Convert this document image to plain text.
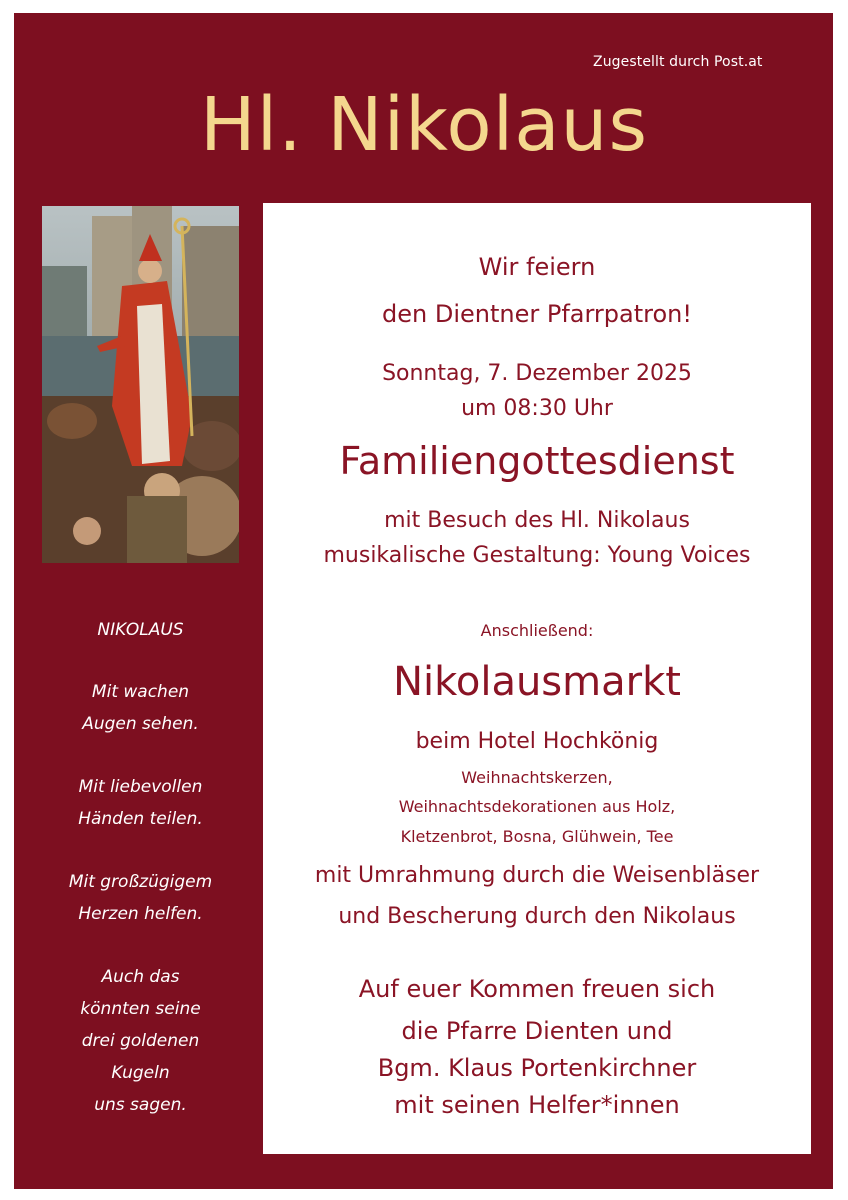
Zugestellt durch Post.at
Hl. Nikolaus
NIKOLAUS
Mit wachen
Augen sehen.
Mit liebevollen
Händen teilen.
Mit großzügigem
Herzen helfen.
Auch das
könnten seine
drei goldenen
Kugeln
uns sagen.
Wir feiern
den Dientner Pfarrpatron!
Sonntag, 7. Dezember 2025
um 08:30 Uhr
Familiengottesdienst
mit Besuch des Hl. Nikolaus
musikalische Gestaltung: Young Voices
Anschließend:
Nikolausmarkt
beim Hotel Hochkönig
Weihnachtskerzen,
Weihnachtsdekorationen aus Holz,
Kletzenbrot, Bosna, Glühwein, Tee
mit Umrahmung durch die Weisenbläser
und Bescherung durch den Nikolaus
Auf euer Kommen freuen sich
die Pfarre Dienten und
Bgm. Klaus Portenkirchner
mit seinen Helfer*innen
